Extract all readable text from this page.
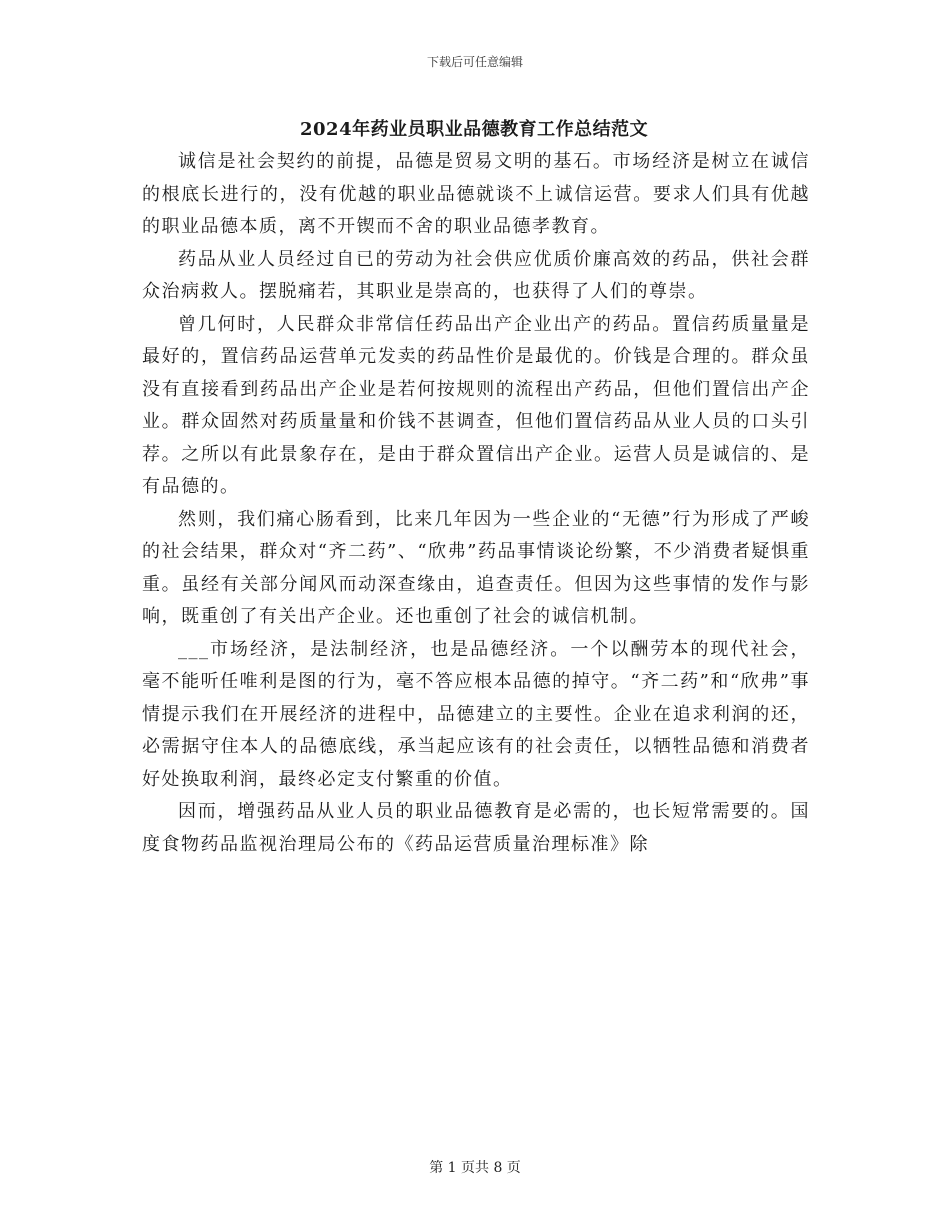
下载后可任意编辑
2024年药业员职业品德教育工作总结范文

诚信是社会契约的前提，品德是贸易文明的基石。市场经济是树立在诚信的根底长进行的，没有优越的职业品德就谈不上诚信运营。要求人们具有优越的职业品德本质，离不开锲而不舍的职业品德孝教育。

药品从业人员经过自已的劳动为社会供应优质价廉高效的药品，供社会群众治病救人。摆脱痛若，其职业是崇高的，也获得了人们的尊崇。

曾几何时，人民群众非常信任药品出产企业出产的药品。置信药质量量是最好的，置信药品运营单元发卖的药品性价是最优的。价钱是合理的。群众虽没有直接看到药品出产企业是若何按规则的流程出产药品，但他们置信出产企业。群众固然对药质量量和价钱不甚调查，但他们置信药品从业人员的口头引荐。之所以有此景象存在，是由于群众置信出产企业。运营人员是诚信的、是有品德的。

然则，我们痛心肠看到，比来几年因为一些企业的“无德”行为形成了严峻的社会结果，群众对“齐二药”、“欣弗”药品事情谈论纷繁，不少消费者疑惧重重。虽经有关部分闻风而动深查缘由，追查责任。但因为这些事情的发作与影响，既重创了有关出产企业。还也重创了社会的诚信机制。

___市场经济，是法制经济，也是品德经济。一个以酬劳本的现代社会，毫不能听任唯利是图的行为，毫不答应根本品德的掉守。“齐二药”和“欣弗”事情提示我们在开展经济的进程中，品德建立的主要性。企业在追求利润的还，必需据守住本人的品德底线，承当起应该有的社会责任，以牺牲品德和消费者好处换取利润，最终必定支付繁重的价值。

因而，增强药品从业人员的职业品德教育是必需的，也长短常需要的。国度食物药品监视治理局公布的《药品运营质量治理标准》除

第 1 页共 8 页
